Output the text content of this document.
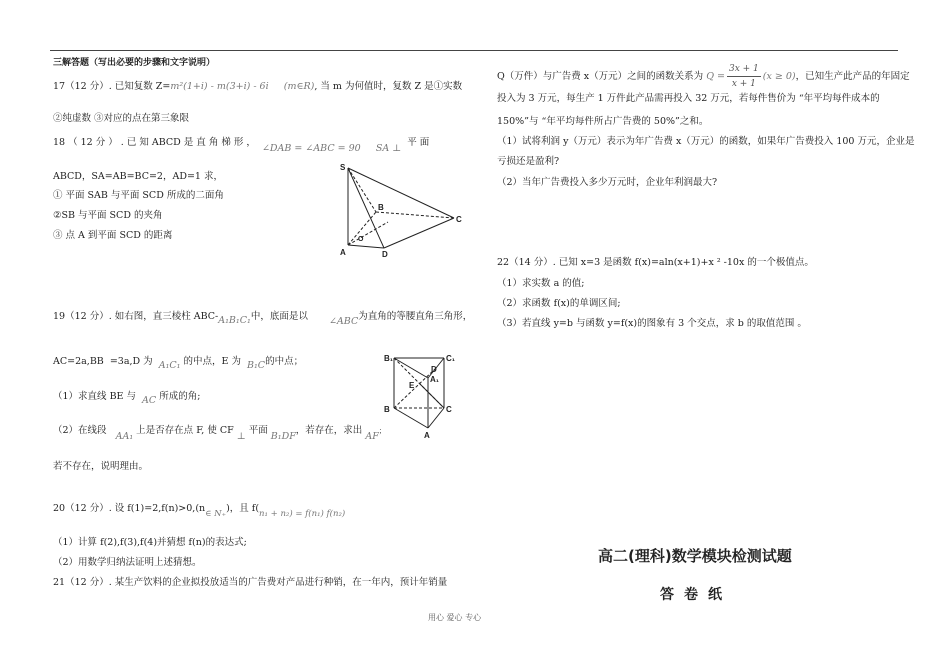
三解答题（写出必要的步骤和文字说明）
17（12 分）. 已知复数 Z=m²(1+i) - m(3+i) - 6i (m∈R), 当 m 为何值时，复数 Z 是①实数
②纯虚数 ③对应的点在第三象限
18 （ 12 分 ） . 已 知 ABCD 是 直 角 梯 形 ，  ∠DAB = ∠ABC = 90 SA ⊥  平 面
ABCD，SA=AB=BC=2，AD=1 求，
① 平面 SAB 与平面 SCD 所成的二面角
②SB 与平面 SCD 的夹角
③ 点 A 到平面 SCD 的距离
19（12 分）. 如右图，直三棱柱 ABC-A₁B₁C₁中，底面是以 ∠ABC为直角的等腰直角三角形，
AC=2a,BB =3a,D 为 A₁C₁ 的中点，E 为 B₁C的中点；
（1）求直线 BE 与 AC 所成的角;
（2）在线段   AA₁ 上是否存在点 F, 使 CF ⊥ 平面 B₁DF，若存在，求出 AF；
若不存在，说明理由。
20（12 分）. 设 f(1)=2,f(n)>0,(n∈ N₊)，且 f(n₁ + n₂) = f(n₁) f(n₂)
（1）计算 f(2),f(3),f(4)并猜想 f(n)的表达式;
（2）用数学归纳法证明上述猜想。
21（12 分）. 某生产饮料的企业拟投放适当的广告费对产品进行种销，在一年内，预计年销量
S
A
B
C
D
O
B₁	C₁
A₁
D
E
B	C
A
Q（万件）与广告费 x（万元）之间的函数关系为 $Q = \frac{3x + 1}{x + 1} (x \ge 0)$，已知生产此产品的年固定
投入为 3 万元，每生产 1 万件此产品需再投入 32 万元，若每件售价为 “年平均每件成本的
150%”与 “年平均每件所占广告费的 50%”之和。
（1）试将利润 y（万元）表示为年广告费 x（万元）的函数，如果年广告费投入 100 万元，企业是
亏损还是盈利?
（2）当年广告费投入多少万元时，企业年利润最大?
22（14 分）. 已知 x=3 是函数 f(x)=aln(x+1)+x ² -10x 的一个极值点。
（1）求实数 a 的值;
（2）求函数 f(x)的单调区间;
（3）若直线 y=b 与函数 y=f(x)的图象有 3 个交点，求 b 的取值范围 。
高二(理科)数学模块检测试题
答卷纸
用心 爱心 专心
